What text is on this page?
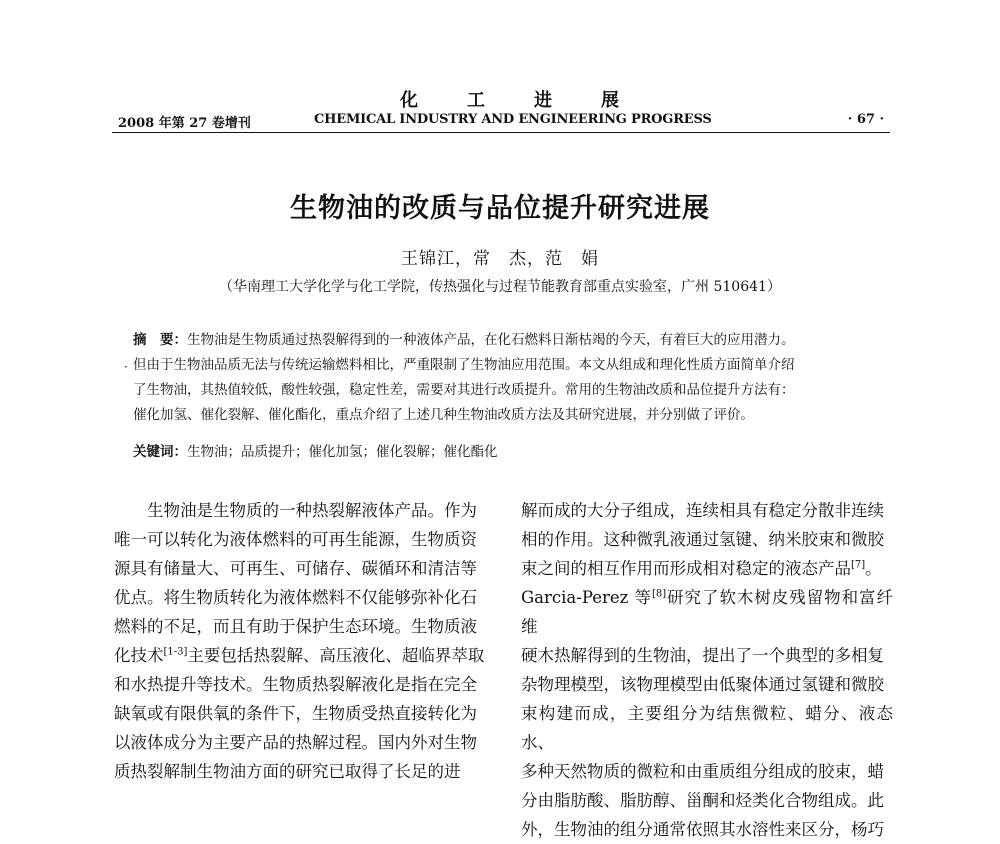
化	工	进	展
2008 年第 27 卷增刊	CHEMICAL INDUSTRY AND ENGINEERING PROGRESS	· 67 ·
生物油的改质与品位提升研究进展
王锦江，常　杰，范　娟
（华南理工大学化学与化工学院，传热强化与过程节能教育部重点实验室，广州 510641）
·

摘　要：生物油是生物质通过热裂解得到的一种液体产品，在化石燃料日渐枯竭的今天，有着巨大的应用潜力。

但由于生物油品质无法与传统运输燃料相比，严重限制了生物油应用范围。本文从组成和理化性质方面简单介绍

了生物油，其热值较低，酸性较强，稳定性差，需要对其进行改质提升。常用的生物油改质和品位提升方法有：

催化加氢、催化裂解、催化酯化，重点介绍了上述几种生物油改质方法及其研究进展，并分别做了评价。

关键词：生物油；品质提升；催化加氢；催化裂解；催化酯化

生物油是生物质的一种热裂解液体产品。作为

唯一可以转化为液体燃料的可再生能源，生物质资

源具有储量大、可再生、可储存、碳循环和清洁等

优点。将生物质转化为液体燃料不仅能够弥补化石

燃料的不足，而且有助于保护生态环境。生物质液

化技术[1-3]主要包括热裂解、高压液化、超临界萃取

和水热提升等技术。生物质热裂解液化是指在完全

缺氧或有限供氧的条件下，生物质受热直接转化为

以液体成分为主要产品的热解过程。国内外对生物

质热裂解制生物油方面的研究已取得了长足的进

解而成的大分子组成，连续相具有稳定分散非连续

相的作用。这种微乳液通过氢键、纳米胶束和微胶

束之间的相互作用而形成相对稳定的液态产品[7]。

Garcia-Perez 等[8]研究了软木树皮残留物和富纤维

硬木热解得到的生物油，提出了一个典型的多相复

杂物理模型，该物理模型由低聚体通过氢键和微胶

束构建而成，主要组分为结焦微粒、蜡分、液态水、

多种天然物质的微粒和由重质组分组成的胶束，蜡

分由脂肪酸、脂肪醇、甾酮和烃类化合物组成。此

外，生物油的组分通常依照其水溶性来区分，杨巧
